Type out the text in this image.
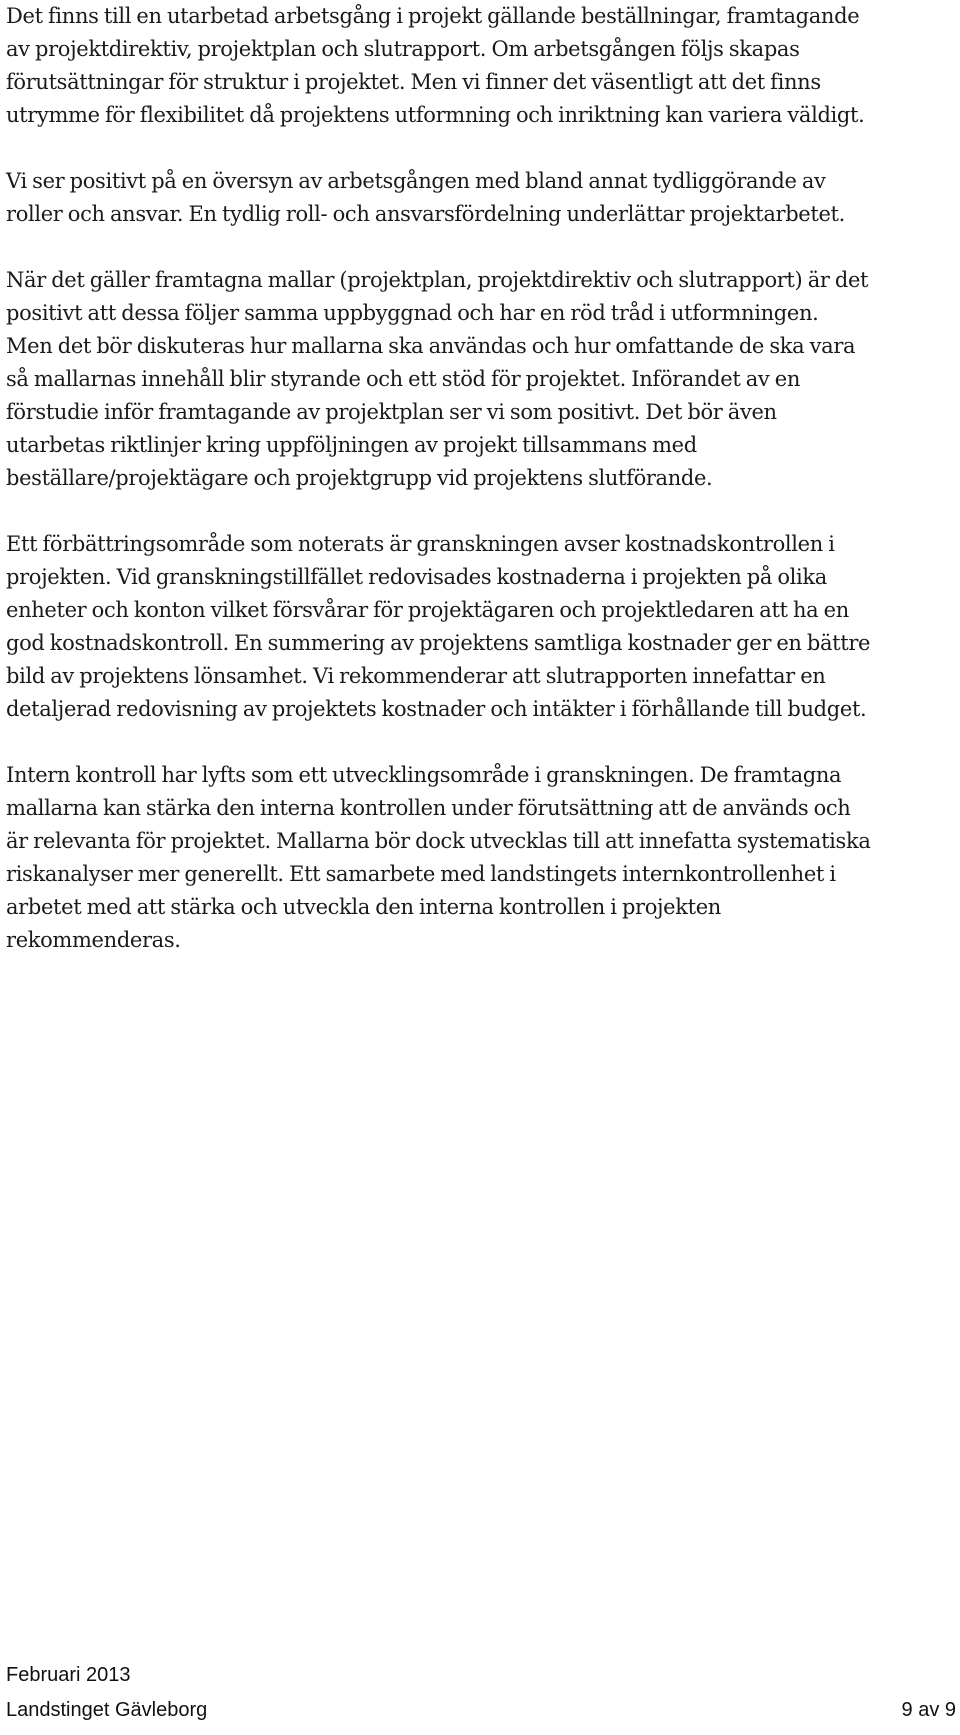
Det finns till en utarbetad arbetsgång i projekt gällande beställningar, framtagande
av projektdirektiv, projektplan och slutrapport. Om arbetsgången följs skapas
förutsättningar för struktur i projektet. Men vi finner det väsentligt att det finns
utrymme för flexibilitet då projektens utformning och inriktning kan variera väldigt.

Vi ser positivt på en översyn av arbetsgången med bland annat tydliggörande av
roller och ansvar. En tydlig roll- och ansvarsfördelning underlättar projektarbetet.

När det gäller framtagna mallar (projektplan, projektdirektiv och slutrapport) är det
positivt att dessa följer samma uppbyggnad och har en röd tråd i utformningen.
Men det bör diskuteras hur mallarna ska användas och hur omfattande de ska vara
så mallarnas innehåll blir styrande och ett stöd för projektet. Införandet av en
förstudie inför framtagande av projektplan ser vi som positivt. Det bör även
utarbetas riktlinjer kring uppföljningen av projekt tillsammans med
beställare/projektägare och projektgrupp vid projektens slutförande.

Ett förbättringsområde som noterats är granskningen avser kostnadskontrollen i
projekten. Vid granskningstillfället redovisades kostnaderna i projekten på olika
enheter och konton vilket försvårar för projektägaren och projektledaren att ha en
god kostnadskontroll. En summering av projektens samtliga kostnader ger en bättre
bild av projektens lönsamhet. Vi rekommenderar att slutrapporten innefattar en
detaljerad redovisning av projektets kostnader och intäkter i förhållande till budget.

Intern kontroll har lyfts som ett utvecklingsområde i granskningen. De framtagna
mallarna kan stärka den interna kontrollen under förutsättning att de används och
är relevanta för projektet. Mallarna bör dock utvecklas till att innefatta systematiska
riskanalyser mer generellt. Ett samarbete med landstingets internkontrollenhet i
arbetet med att stärka och utveckla den interna kontrollen i projekten
rekommenderas.

Februari 2013
Landstinget Gävleborg	9 av 9
